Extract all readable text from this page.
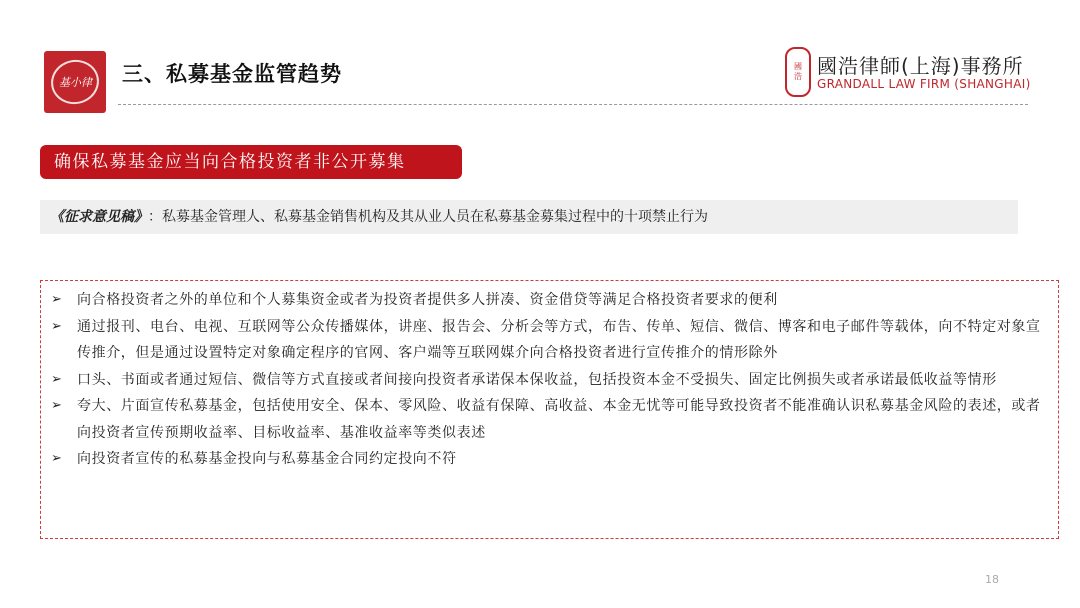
基小律 三、私募基金监管趋势	國
浩 國浩律師(上海)事務所
GRANDALL LAW FIRM (SHANGHAI)
确保私募基金应当向合格投资者非公开募集
《征求意见稿》：私募基金管理人、私募基金销售机构及其从业人员在私募基金募集过程中的十项禁止行为
➢ 向合格投资者之外的单位和个人募集资金或者为投资者提供多人拼凑、资金借贷等满足合格投资者要求的便利
➢ 通过报刊、电台、电视、互联网等公众传播媒体，讲座、报告会、分析会等方式，布告、传单、短信、微信、博客和电子邮件等载体，向不特定对象宣传推介，但是通过设置特定对象确定程序的官网、客户端等互联网媒介向合格投资者进行宣传推介的情形除外
➢ 口头、书面或者通过短信、微信等方式直接或者间接向投资者承诺保本保收益，包括投资本金不受损失、固定比例损失或者承诺最低收益等情形
➢ 夸大、片面宣传私募基金，包括使用安全、保本、零风险、收益有保障、高收益、本金无忧等可能导致投资者不能准确认识私募基金风险的表述，或者向投资者宣传预期收益率、目标收益率、基准收益率等类似表述
➢ 向投资者宣传的私募基金投向与私募基金合同约定投向不符
18
